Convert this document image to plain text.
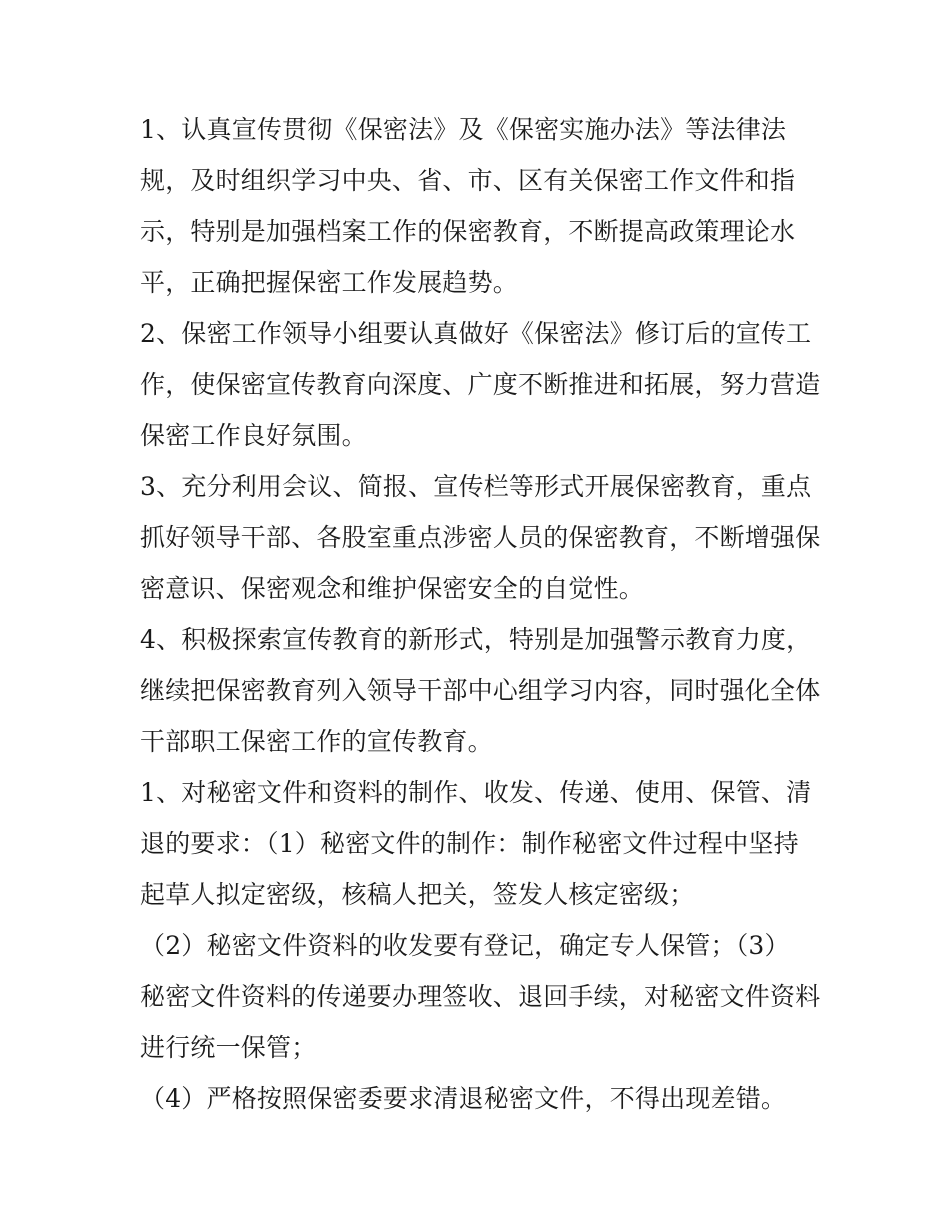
1、认真宣传贯彻《保密法》及《保密实施办法》等法律法
规，及时组织学习中央、省、市、区有关保密工作文件和指
示，特别是加强档案工作的保密教育，不断提高政策理论水
平，正确把握保密工作发展趋势。

2、保密工作领导小组要认真做好《保密法》修订后的宣传工
作，使保密宣传教育向深度、广度不断推进和拓展，努力营造
保密工作良好氛围。

3、充分利用会议、简报、宣传栏等形式开展保密教育，重点
抓好领导干部、各股室重点涉密人员的保密教育，不断增强保
密意识、保密观念和维护保密安全的自觉性。

4、积极探索宣传教育的新形式，特别是加强警示教育力度，
继续把保密教育列入领导干部中心组学习内容，同时强化全体
干部职工保密工作的宣传教育。

1、对秘密文件和资料的制作、收发、传递、使用、保管、清
退的要求：（1）秘密文件的制作：制作秘密文件过程中坚持
起草人拟定密级，核稿人把关，签发人核定密级；

（2）秘密文件资料的收发要有登记，确定专人保管；（3）
秘密文件资料的传递要办理签收、退回手续，对秘密文件资料
进行统一保管；

（4）严格按照保密委要求清退秘密文件，不得出现差错。
